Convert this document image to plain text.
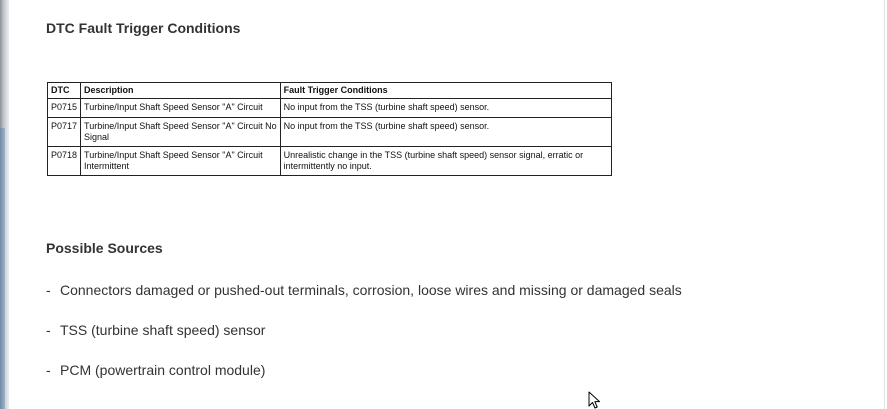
DTC Fault Trigger Conditions
DTC	Description	Fault Trigger Conditions
P0715	Turbine/Input Shaft Speed Sensor "A" Circuit	No input from the TSS (turbine shaft speed) sensor.
P0717	Turbine/Input Shaft Speed Sensor "A" Circuit No Signal	No input from the TSS (turbine shaft speed) sensor.
P0718	Turbine/Input Shaft Speed Sensor "A" Circuit Intermittent	Unrealistic change in the TSS (turbine shaft speed) sensor signal, erratic or intermittently no input.
Possible Sources
- Connectors damaged or pushed-out terminals, corrosion, loose wires and missing or damaged seals
- TSS (turbine shaft speed) sensor
- PCM (powertrain control module)
